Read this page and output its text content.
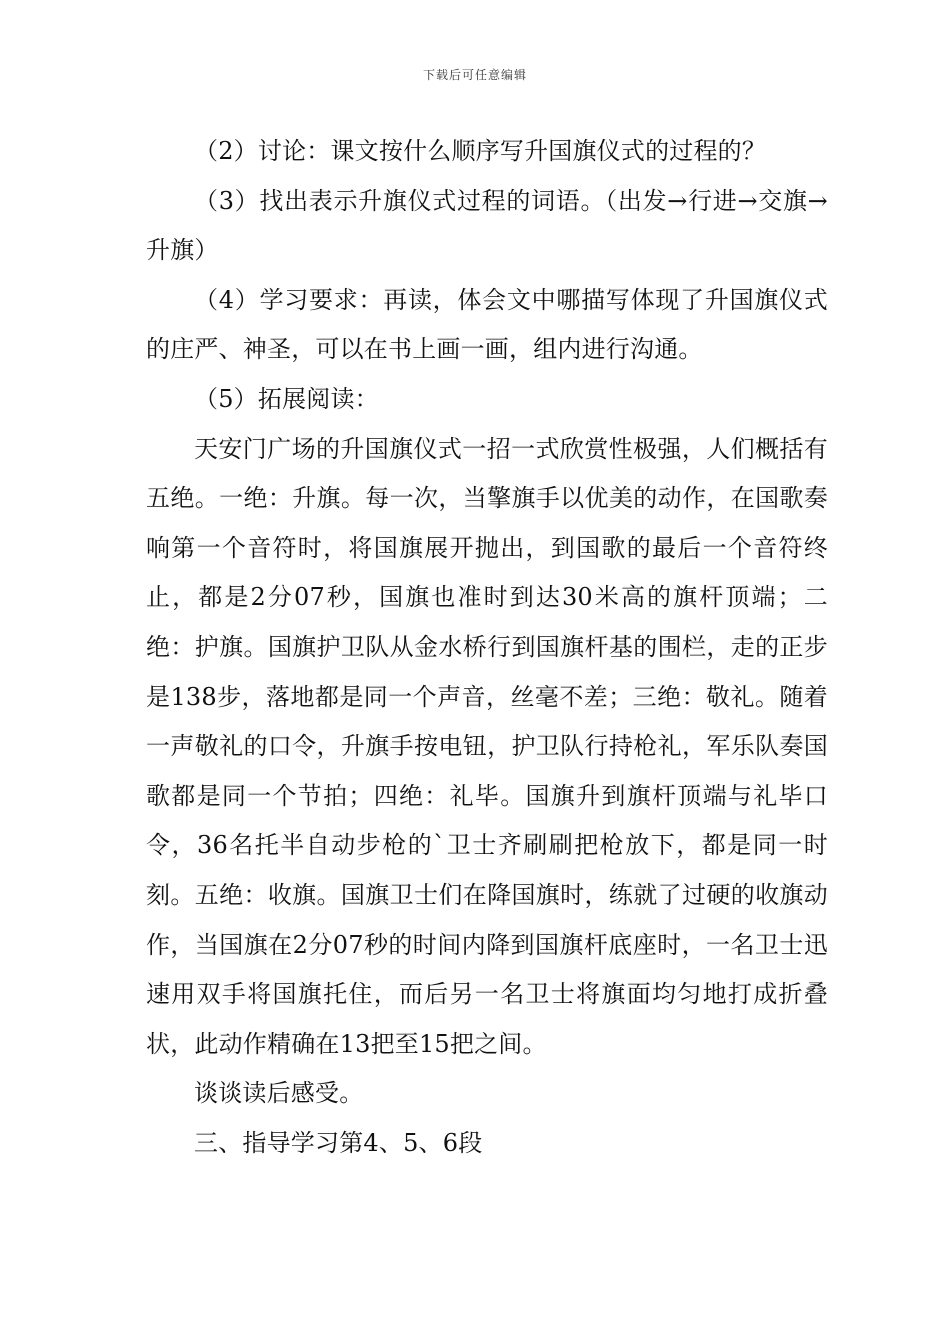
下载后可任意编辑

（2）讨论：课文按什么顺序写升国旗仪式的过程的？

（3）找出表示升旗仪式过程的词语。（出发→行进→交旗→升旗）

（4）学习要求：再读，体会文中哪描写体现了升国旗仪式的庄严、神圣，可以在书上画一画，组内进行沟通。

（5）拓展阅读：

天安门广场的升国旗仪式一招一式欣赏性极强，人们概括有五绝。一绝：升旗。每一次，当擎旗手以优美的动作，在国歌奏响第一个音符时，将国旗展开抛出，到国歌的最后一个音符终止，都是2分07秒，国旗也准时到达30米高的旗杆顶端；二绝：护旗。国旗护卫队从金水桥行到国旗杆基的围栏，走的正步是138步，落地都是同一个声音，丝毫不差；三绝：敬礼。随着一声敬礼的口令，升旗手按电钮，护卫队行持枪礼，军乐队奏国歌都是同一个节拍；四绝：礼毕。国旗升到旗杆顶端与礼毕口令，36名托半自动步枪的`卫士齐刷刷把枪放下，都是同一时刻。五绝：收旗。国旗卫士们在降国旗时，练就了过硬的收旗动作，当国旗在2分07秒的时间内降到国旗杆底座时，一名卫士迅速用双手将国旗托住，而后另一名卫士将旗面均匀地打成折叠状，此动作精确在13把至15把之间。

谈谈读后感受。

三、指导学习第4、5、6段
